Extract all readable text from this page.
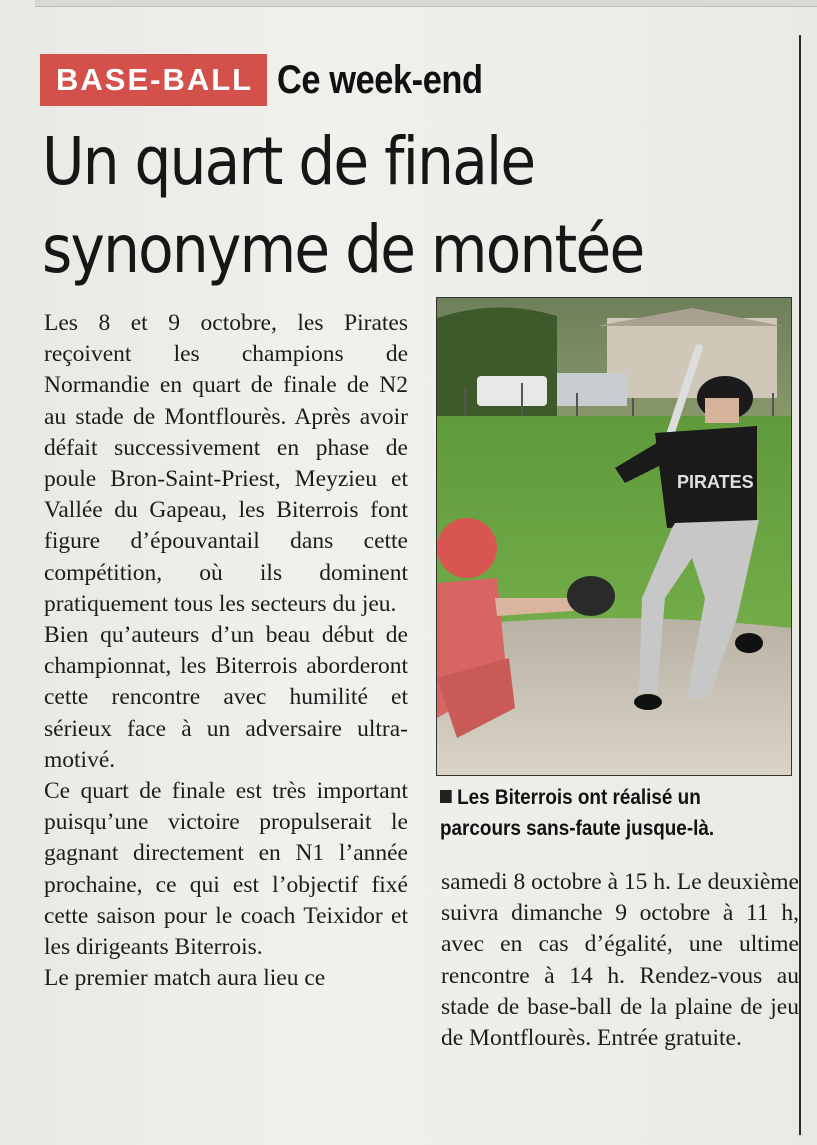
BASE-BALL Ce week-end
Un quart de finale
synonyme de montée

Les 8 et 9 octobre, les Pirates reçoivent les champions de Normandie en quart de finale de N2 au stade de Montflourès. Après avoir défait successivement en phase de poule Bron-Saint-Priest, Meyzieu et Vallée du Gapeau, les Biterrois font figure d’épouvantail dans cette compétition, où ils dominent pratiquement tous les secteurs du jeu.

Bien qu’auteurs d’un beau début de championnat, les Biterrois aborderont cette rencontre avec humilité et sérieux face à un adversaire ultra-motivé.

Ce quart de finale est très important puisqu’une victoire propulserait le gagnant directement en N1 l’année prochaine, ce qui est l’objectif fixé cette saison pour le coach Teixidor et les dirigeants Biterrois.

Le premier match aura lieu ce

PIRATES
Les Biterrois ont réalisé un
parcours sans-faute jusque-là.

samedi 8 octobre à 15 h. Le deuxième suivra dimanche 9 octobre à 11 h, avec en cas d’égalité, une ultime rencontre à 14 h. Rendez-vous au stade de base-ball de la plaine de jeu de Montflourès. Entrée gratuite.
